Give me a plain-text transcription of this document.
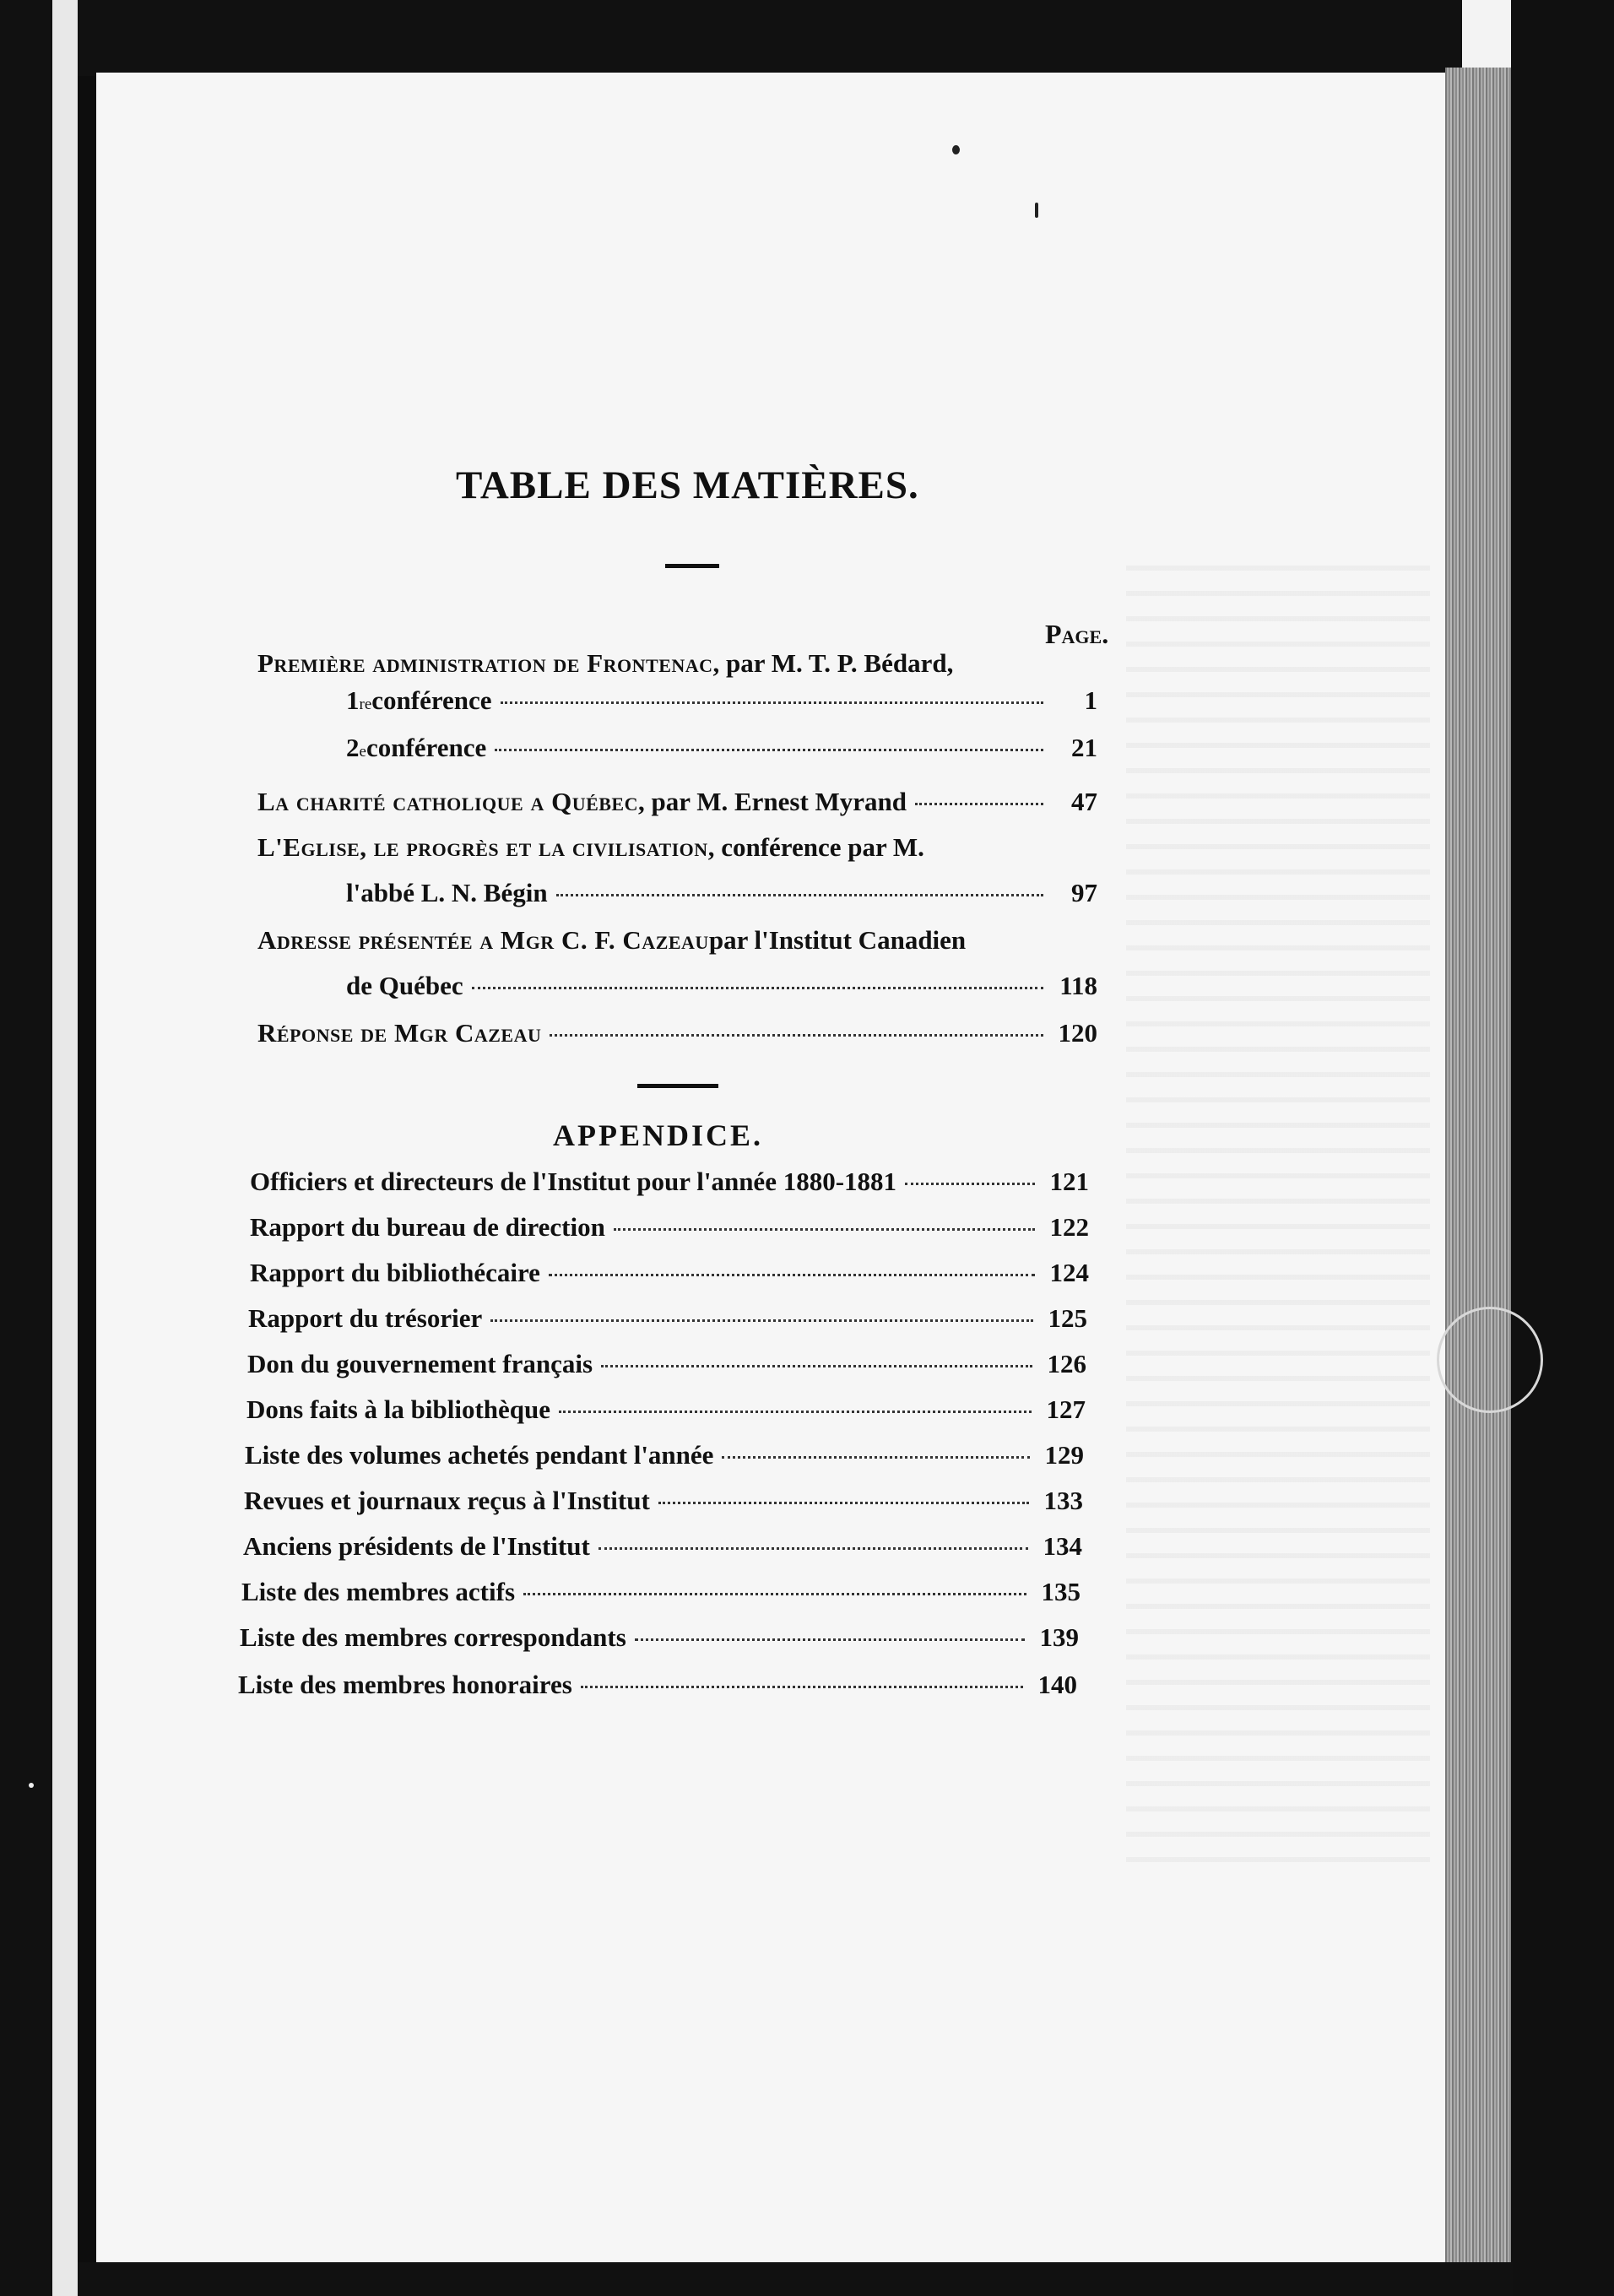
TABLE DES MATIÈRES.
Page.
Première administration de Frontenac , par M. T. P. Bédard,
1 re conférence	1
2 e conférence	21
La charité catholique a Québec , par M. Ernest Myrand	47
L'Eglise, le progrès et la civilisation , conférence par M.
l'abbé L. N. Bégin	97
Adresse présentée a Mgr C. F. Cazeau par l'Institut Canadien
de Québec	118
Réponse de Mgr Cazeau	120
APPENDICE.
Officiers et directeurs de l'Institut pour l'année 1880-1881	121
Rapport du bureau de direction	122
Rapport du bibliothécaire	124
Rapport du trésorier	125
Don du gouvernement français	126
Dons faits à la bibliothèque	127
Liste des volumes achetés pendant l'année	129
Revues et journaux reçus à l'Institut	133
Anciens présidents de l'Institut	134
Liste des membres actifs	135
Liste des membres correspondants	139
Liste des membres honoraires	140
